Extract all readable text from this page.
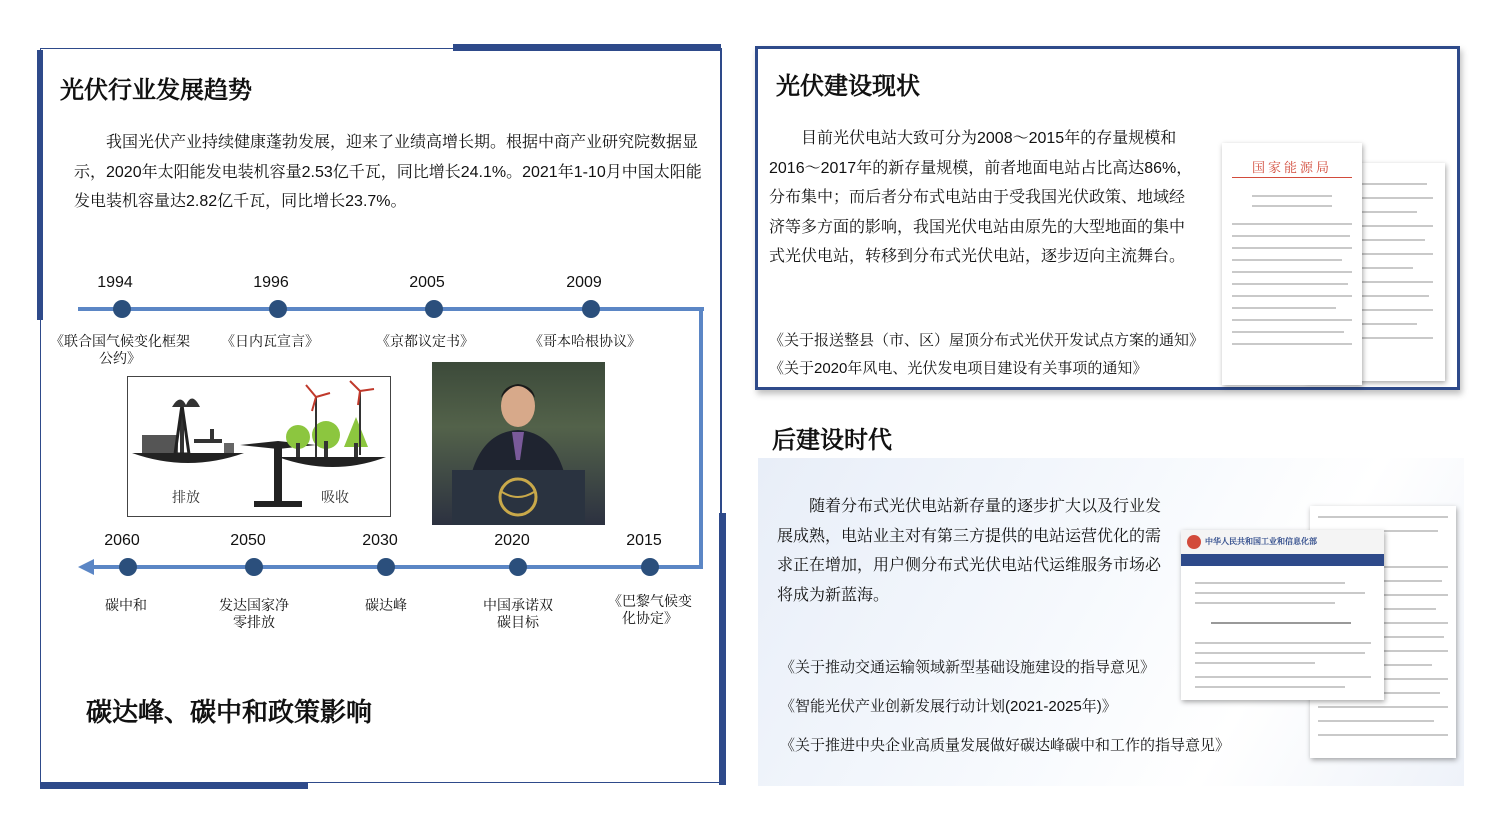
光伏行业发展趋势
我国光伏产业持续健康蓬勃发展，迎来了业绩高增长期。根据中商产业研究院数据显示，2020年太阳能发电装机容量2.53亿千瓦，同比增长24.1%。2021年1-10月中国太阳能发电装机容量达2.82亿千瓦，同比增长23.7%。
1994	1996	2005	2009
《联合国气候变化框架公约》
《日内瓦宣言》	《京都议定书》	《哥本哈根协议》
排放	吸收
2060	2050	2030	2020	2015
碳中和	发达国家净零排放
碳达峰	中国承诺双碳目标
《巴黎气候变化协定》
碳达峰、碳中和政策影响
光伏建设现状
目前光伏电站大致可分为2008～2015年的存量规模和2016～2017年的新存量规模，前者地面电站占比高达86%，分布集中；而后者分布式电站由于受我国光伏政策、地域经济等多方面的影响，我国光伏电站由原先的大型地面的集中式光伏电站，转移到分布式光伏电站，逐步迈向主流舞台。
国家能源局
《关于报送整县（市、区）屋顶分布式光伏开发试点方案的通知》
《关于2020年风电、光伏发电项目建设有关事项的通知》
后建设时代
随着分布式光伏电站新存量的逐步扩大以及行业发展成熟，电站业主对有第三方提供的电站运营优化的需求正在增加，用户侧分布式光伏电站代运维服务市场必将成为新蓝海。
中华人民共和国工业和信息化部
《关于推动交通运输领域新型基础设施建设的指导意见》
《智能光伏产业创新发展行动计划(2021-2025年)》
《关于推进中央企业高质量发展做好碳达峰碳中和工作的指导意见》
